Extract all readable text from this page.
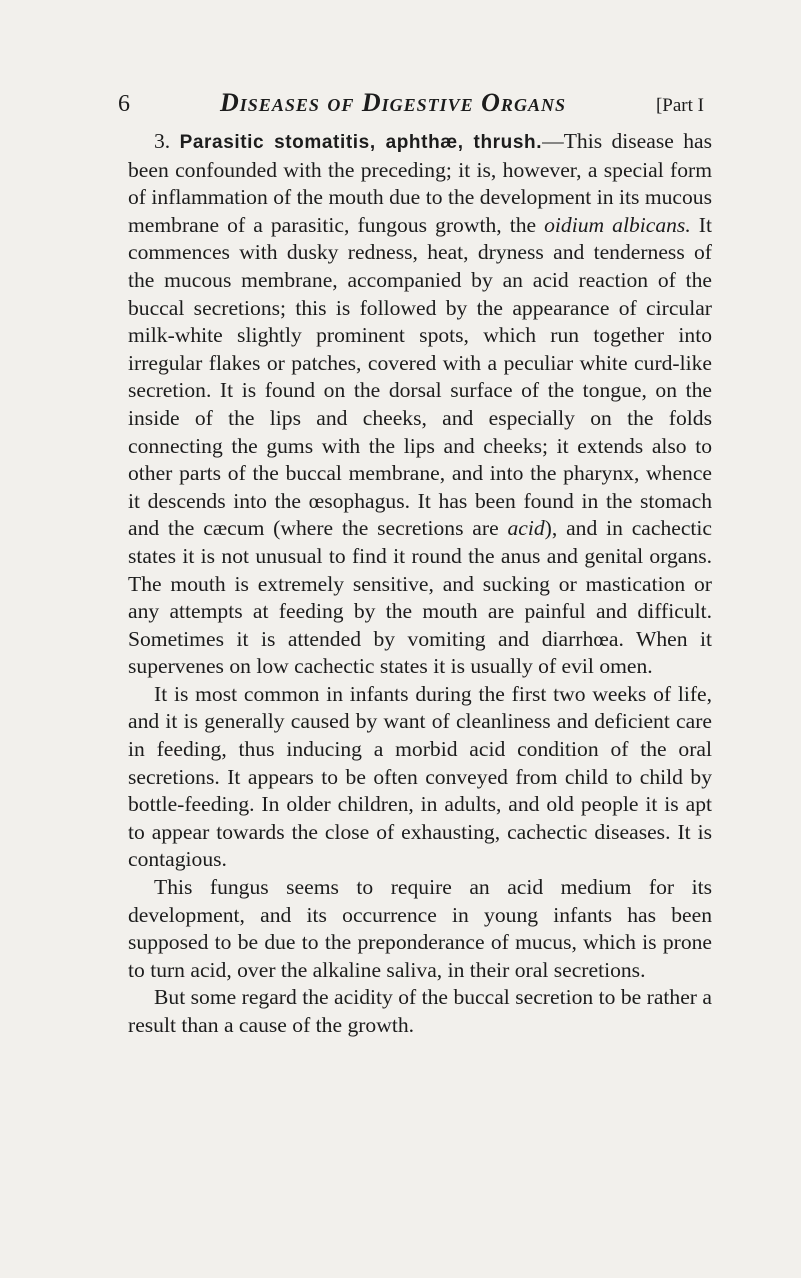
6	Diseases of Digestive Organs	[Part I

3. Parasitic stomatitis, aphthæ, thrush.—This disease has been confounded with the preceding; it is, however, a special form of inflammation of the mouth due to the development in its mucous membrane of a parasitic, fungous growth, the oidium albicans. It commences with dusky redness, heat, dryness and tenderness of the mucous membrane, accompanied by an acid reaction of the buccal secretions; this is followed by the appearance of circular milk-white slightly prominent spots, which run together into irregular flakes or patches, covered with a peculiar white curd-like secretion. It is found on the dorsal surface of the tongue, on the inside of the lips and cheeks, and especially on the folds connecting the gums with the lips and cheeks; it extends also to other parts of the buccal membrane, and into the pharynx, whence it descends into the œsophagus. It has been found in the stomach and the cæcum (where the secretions are acid), and in cachectic states it is not unusual to find it round the anus and genital organs. The mouth is extremely sensitive, and sucking or mastication or any attempts at feeding by the mouth are painful and difficult. Sometimes it is attended by vomiting and diarrhœa. When it supervenes on low cachectic states it is usually of evil omen.

It is most common in infants during the first two weeks of life, and it is generally caused by want of cleanliness and deficient care in feeding, thus inducing a morbid acid condition of the oral secretions. It appears to be often conveyed from child to child by bottle-feeding. In older children, in adults, and old people it is apt to appear towards the close of exhausting, cachectic diseases. It is contagious.

This fungus seems to require an acid medium for its development, and its occurrence in young infants has been supposed to be due to the preponderance of mucus, which is prone to turn acid, over the alkaline saliva, in their oral secretions.

But some regard the acidity of the buccal secretion to be rather a result than a cause of the growth.
